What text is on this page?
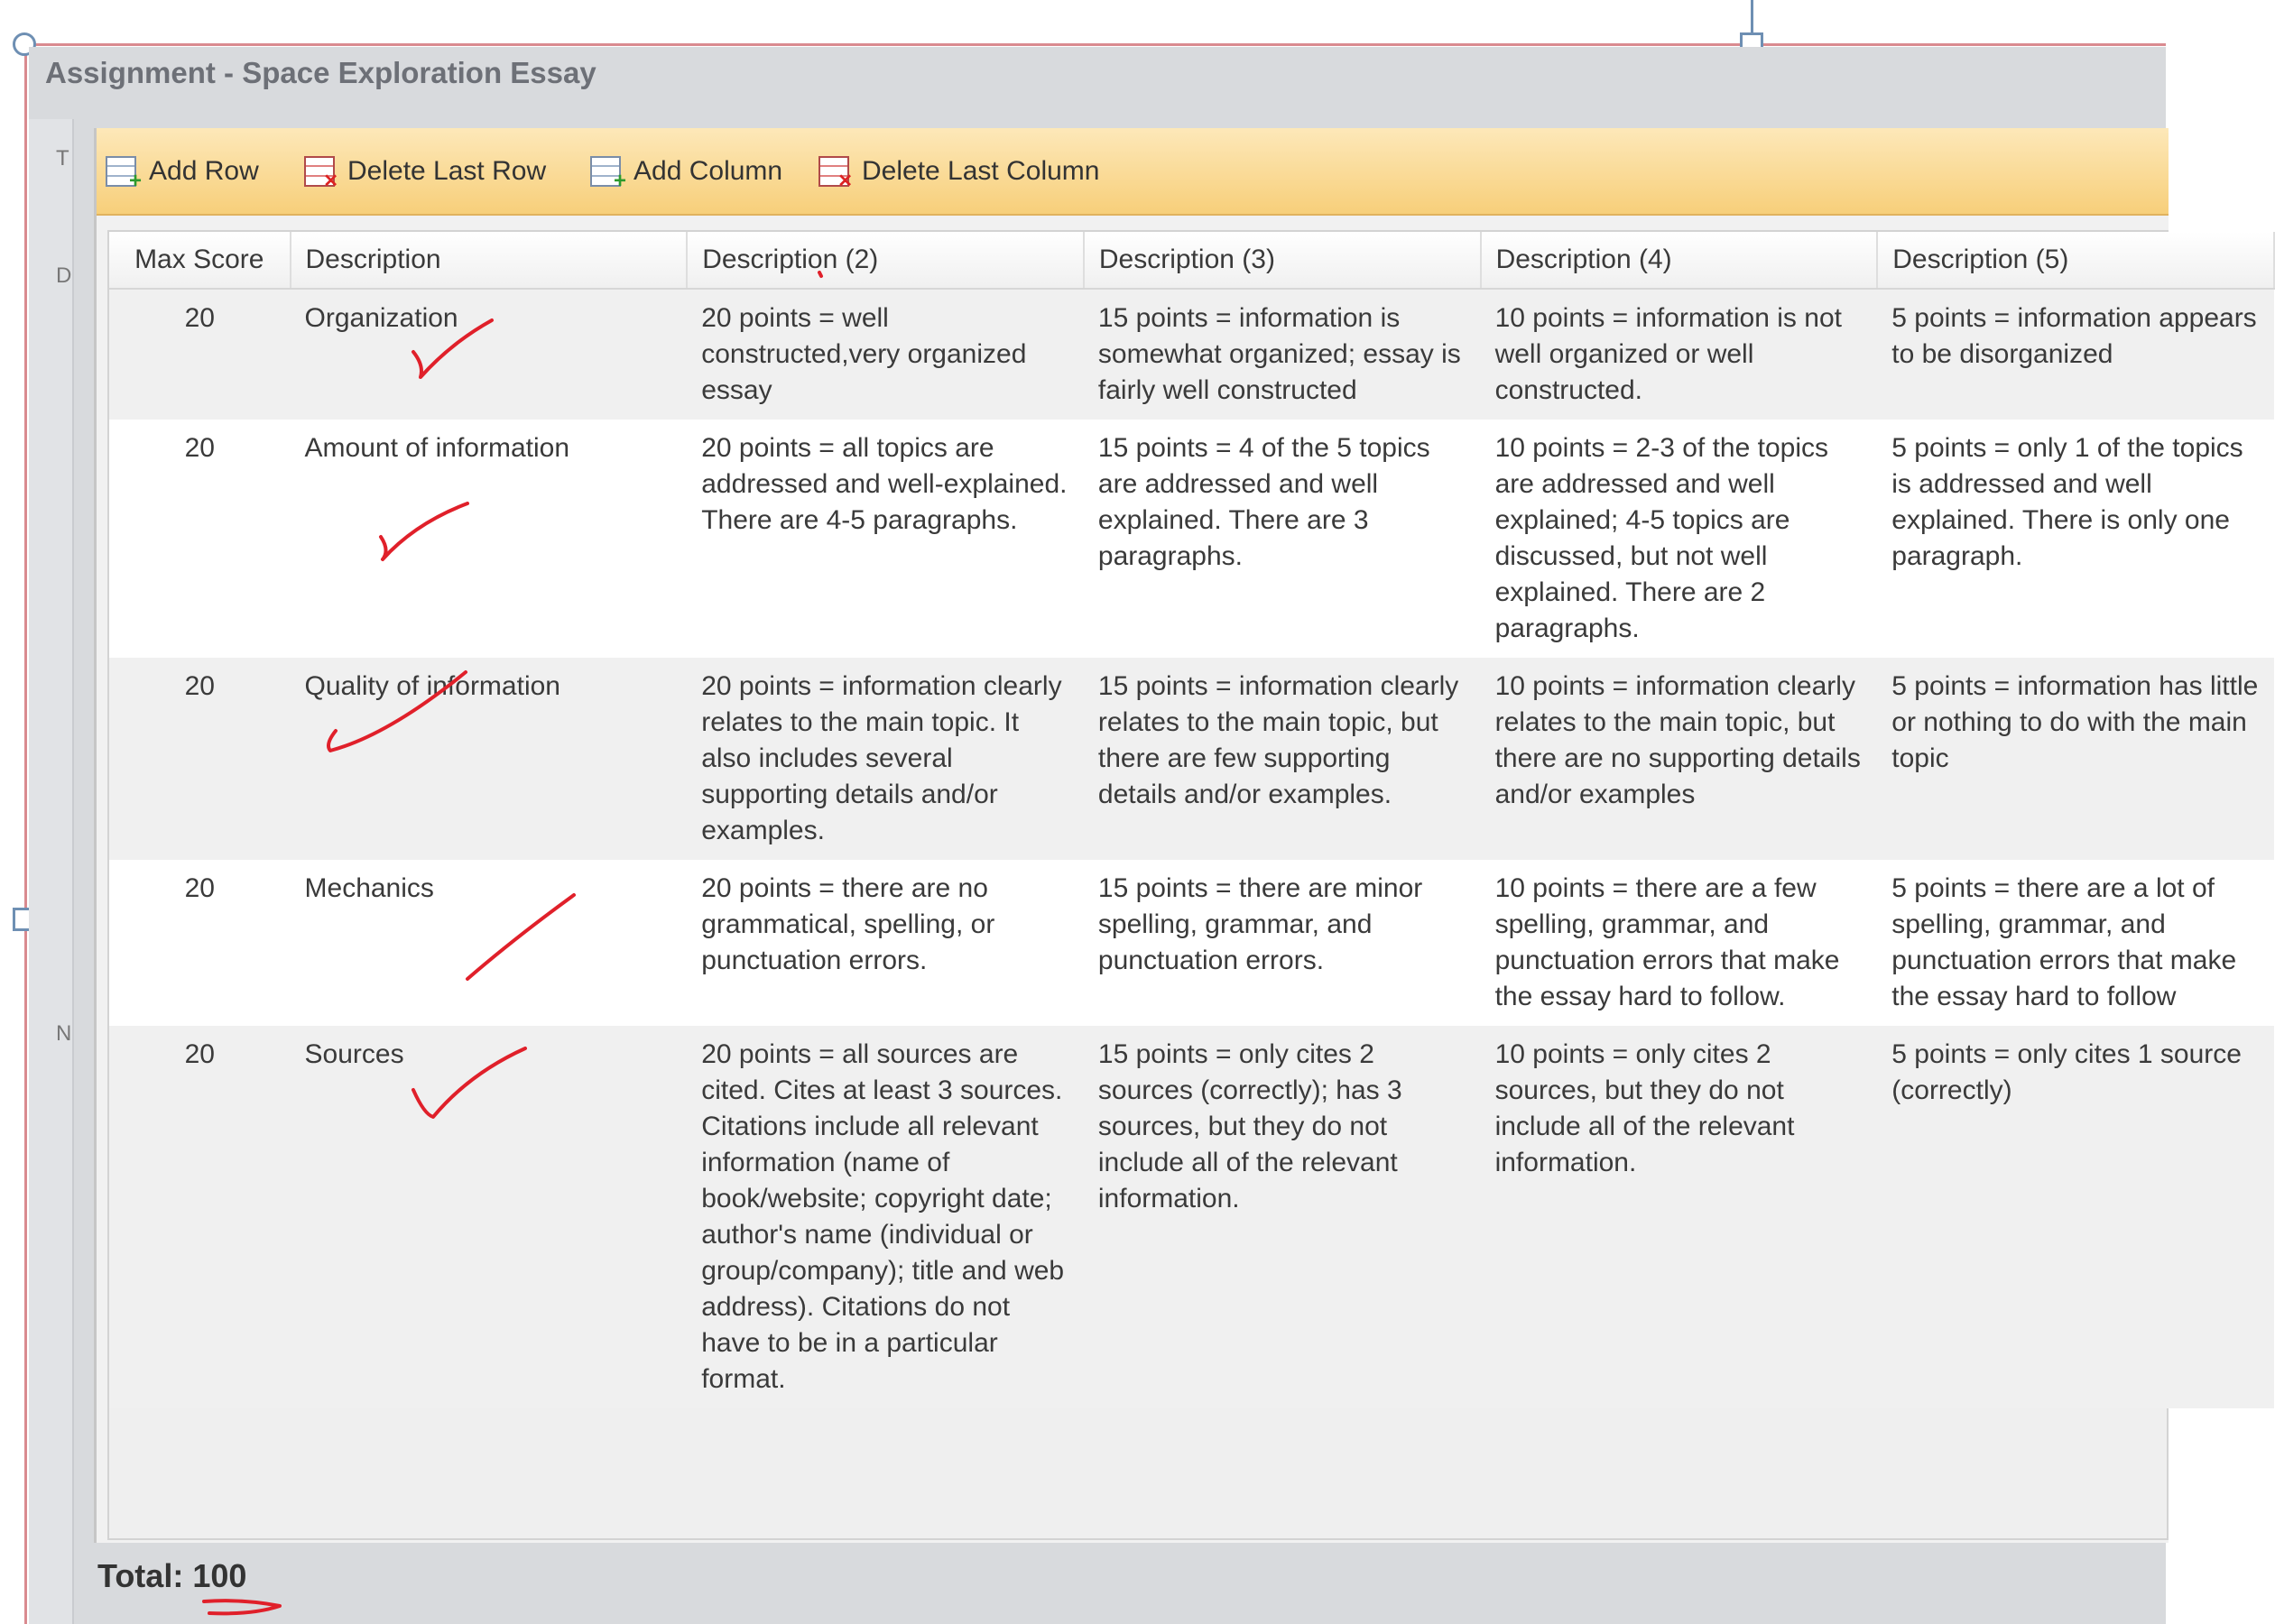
Assignment - Space Exploration Essay
T
D
N
+
Add Row ✕	Delete Last Row +	Add Column ✕	Delete Last Column
Max Score	Description	Description (2)	Description (3)	Description (4)	Description (5)
20	Organization	20 points = well constructed,very organized essay	15 points = information is somewhat organized; essay is fairly well constructed	10 points = information is not well organized or well constructed.	5 points = information appears to be disorganized
20	Amount of information	20 points = all topics are addressed and well-explained. There are 4-5 paragraphs.	15 points = 4 of the 5 topics are addressed and well explained. There are 3 paragraphs.	10 points = 2-3 of the topics are addressed and well explained; 4-5 topics are discussed, but not well explained. There are 2 paragraphs.	5 points = only 1 of the topics is addressed and well explained. There is only one paragraph.
20	Quality of information	20 points = information clearly relates to the main topic. It also includes several supporting details and/or examples.	15 points = information clearly relates to the main topic, but there are few supporting details and/or examples.	10 points = information clearly relates to the main topic, but there are no supporting details and/or examples	5 points = information has little or nothing to do with the main topic
20	Mechanics	20 points = there are no grammatical, spelling, or punctuation errors.	15 points = there are minor spelling, grammar, and punctuation errors.	10 points = there are a few spelling, grammar, and punctuation errors that make the essay hard to follow.	5 points = there are a lot of spelling, grammar, and punctuation errors that make the essay hard to follow
20	Sources	20 points = all sources are cited. Cites at least 3 sources. Citations include all relevant information (name of book/website; copyright date; author's name (individual or group/company); title and web address). Citations do not have to be in a particular format.	15 points = only cites 2 sources (correctly); has 3 sources, but they do not include all of the relevant information.	10 points = only cites 2 sources, but they do not include all of the relevant information.	5 points = only cites 1 source (correctly)
Total: 100
